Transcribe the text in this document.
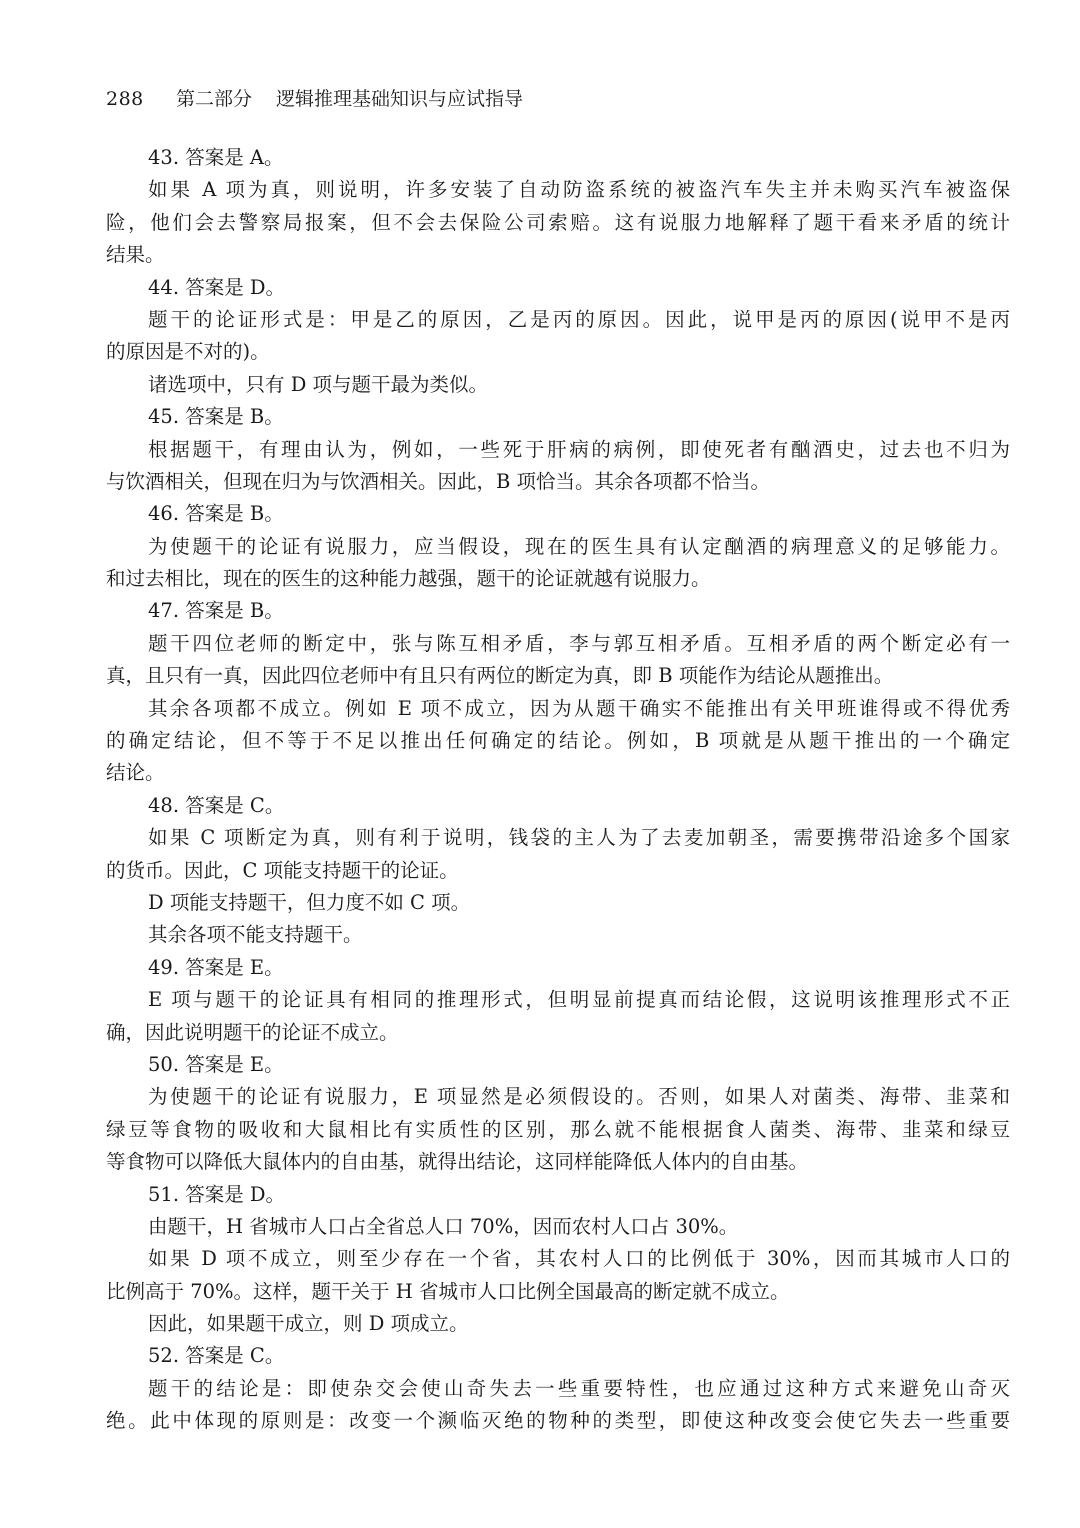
288	第二部分 逻辑推理基础知识与应试指导
43. 答案是 A。
如果 A 项为真，则说明，许多安装了自动防盗系统的被盗汽车失主并未购买汽车被盗保
险，他们会去警察局报案，但不会去保险公司索赔。这有说服力地解释了题干看来矛盾的统计
结果。
44. 答案是 D。
题干的论证形式是：甲是乙的原因，乙是丙的原因。因此，说甲是丙的原因(说甲不是丙
的原因是不对的)。
诸选项中，只有 D 项与题干最为类似。
45. 答案是 B。
根据题干，有理由认为，例如，一些死于肝病的病例，即使死者有酗酒史，过去也不归为
与饮酒相关，但现在归为与饮酒相关。因此，B 项恰当。其余各项都不恰当。
46. 答案是 B。
为使题干的论证有说服力，应当假设，现在的医生具有认定酗酒的病理意义的足够能力。
和过去相比，现在的医生的这种能力越强，题干的论证就越有说服力。
47. 答案是 B。
题干四位老师的断定中，张与陈互相矛盾，李与郭互相矛盾。互相矛盾的两个断定必有一
真，且只有一真，因此四位老师中有且只有两位的断定为真，即 B 项能作为结论从题推出。
其余各项都不成立。例如 E 项不成立，因为从题干确实不能推出有关甲班谁得或不得优秀
的确定结论，但不等于不足以推出任何确定的结论。例如，B 项就是从题干推出的一个确定
结论。
48. 答案是 C。
如果 C 项断定为真，则有利于说明，钱袋的主人为了去麦加朝圣，需要携带沿途多个国家
的货币。因此，C 项能支持题干的论证。
D 项能支持题干，但力度不如 C 项。
其余各项不能支持题干。
49. 答案是 E。
E 项与题干的论证具有相同的推理形式，但明显前提真而结论假，这说明该推理形式不正
确，因此说明题干的论证不成立。
50. 答案是 E。
为使题干的论证有说服力，E 项显然是必须假设的。否则，如果人对菌类、海带、韭菜和
绿豆等食物的吸收和大鼠相比有实质性的区别，那么就不能根据食人菌类、海带、韭菜和绿豆
等食物可以降低大鼠体内的自由基，就得出结论，这同样能降低人体内的自由基。
51. 答案是 D。
由题干，H 省城市人口占全省总人口 70%，因而农村人口占 30%。
如果 D 项不成立，则至少存在一个省，其农村人口的比例低于 30%，因而其城市人口的
比例高于 70%。这样，题干关于 H 省城市人口比例全国最高的断定就不成立。
因此，如果题干成立，则 D 项成立。
52. 答案是 C。
题干的结论是：即使杂交会使山奇失去一些重要特性，也应通过这种方式来避免山奇灭
绝。此中体现的原则是：改变一个濒临灭绝的物种的类型，即使这种改变会使它失去一些重要
